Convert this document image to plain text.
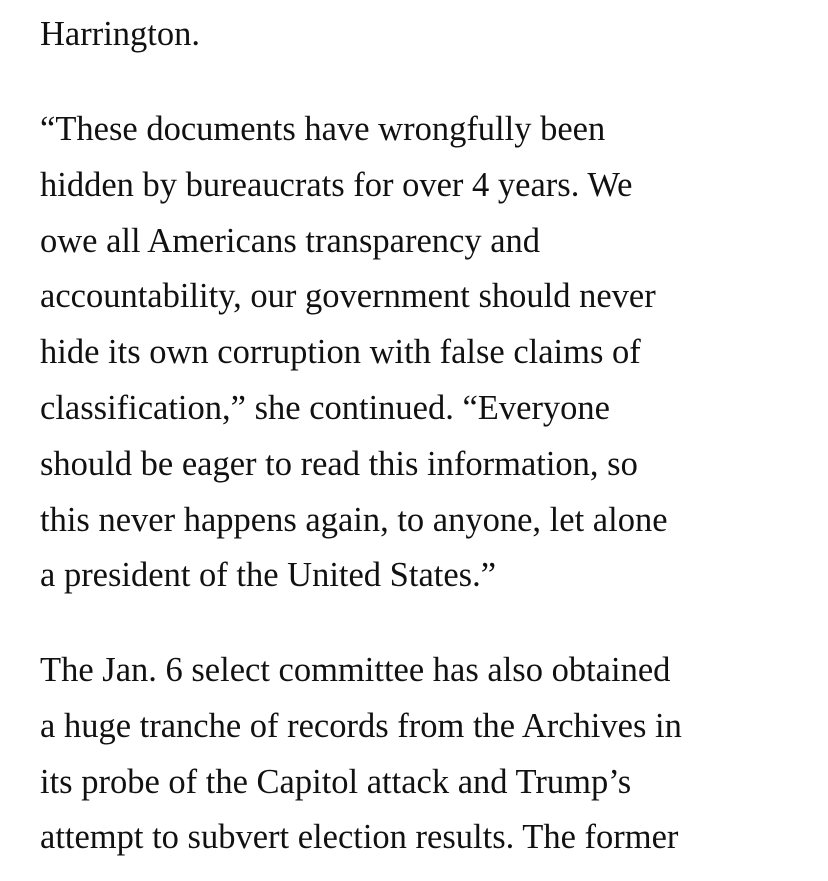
Harrington.

“These documents have wrongfully been
hidden by bureaucrats for over 4 years. We
owe all Americans transparency and
accountability, our government should never
hide its own corruption with false claims of
classification,” she continued. “Everyone
should be eager to read this information, so
this never happens again, to anyone, let alone
a president of the United States.”

The Jan. 6 select committee has also obtained
a huge tranche of records from the Archives in
its probe of the Capitol attack and Trump’s
attempt to subvert election results. The former
